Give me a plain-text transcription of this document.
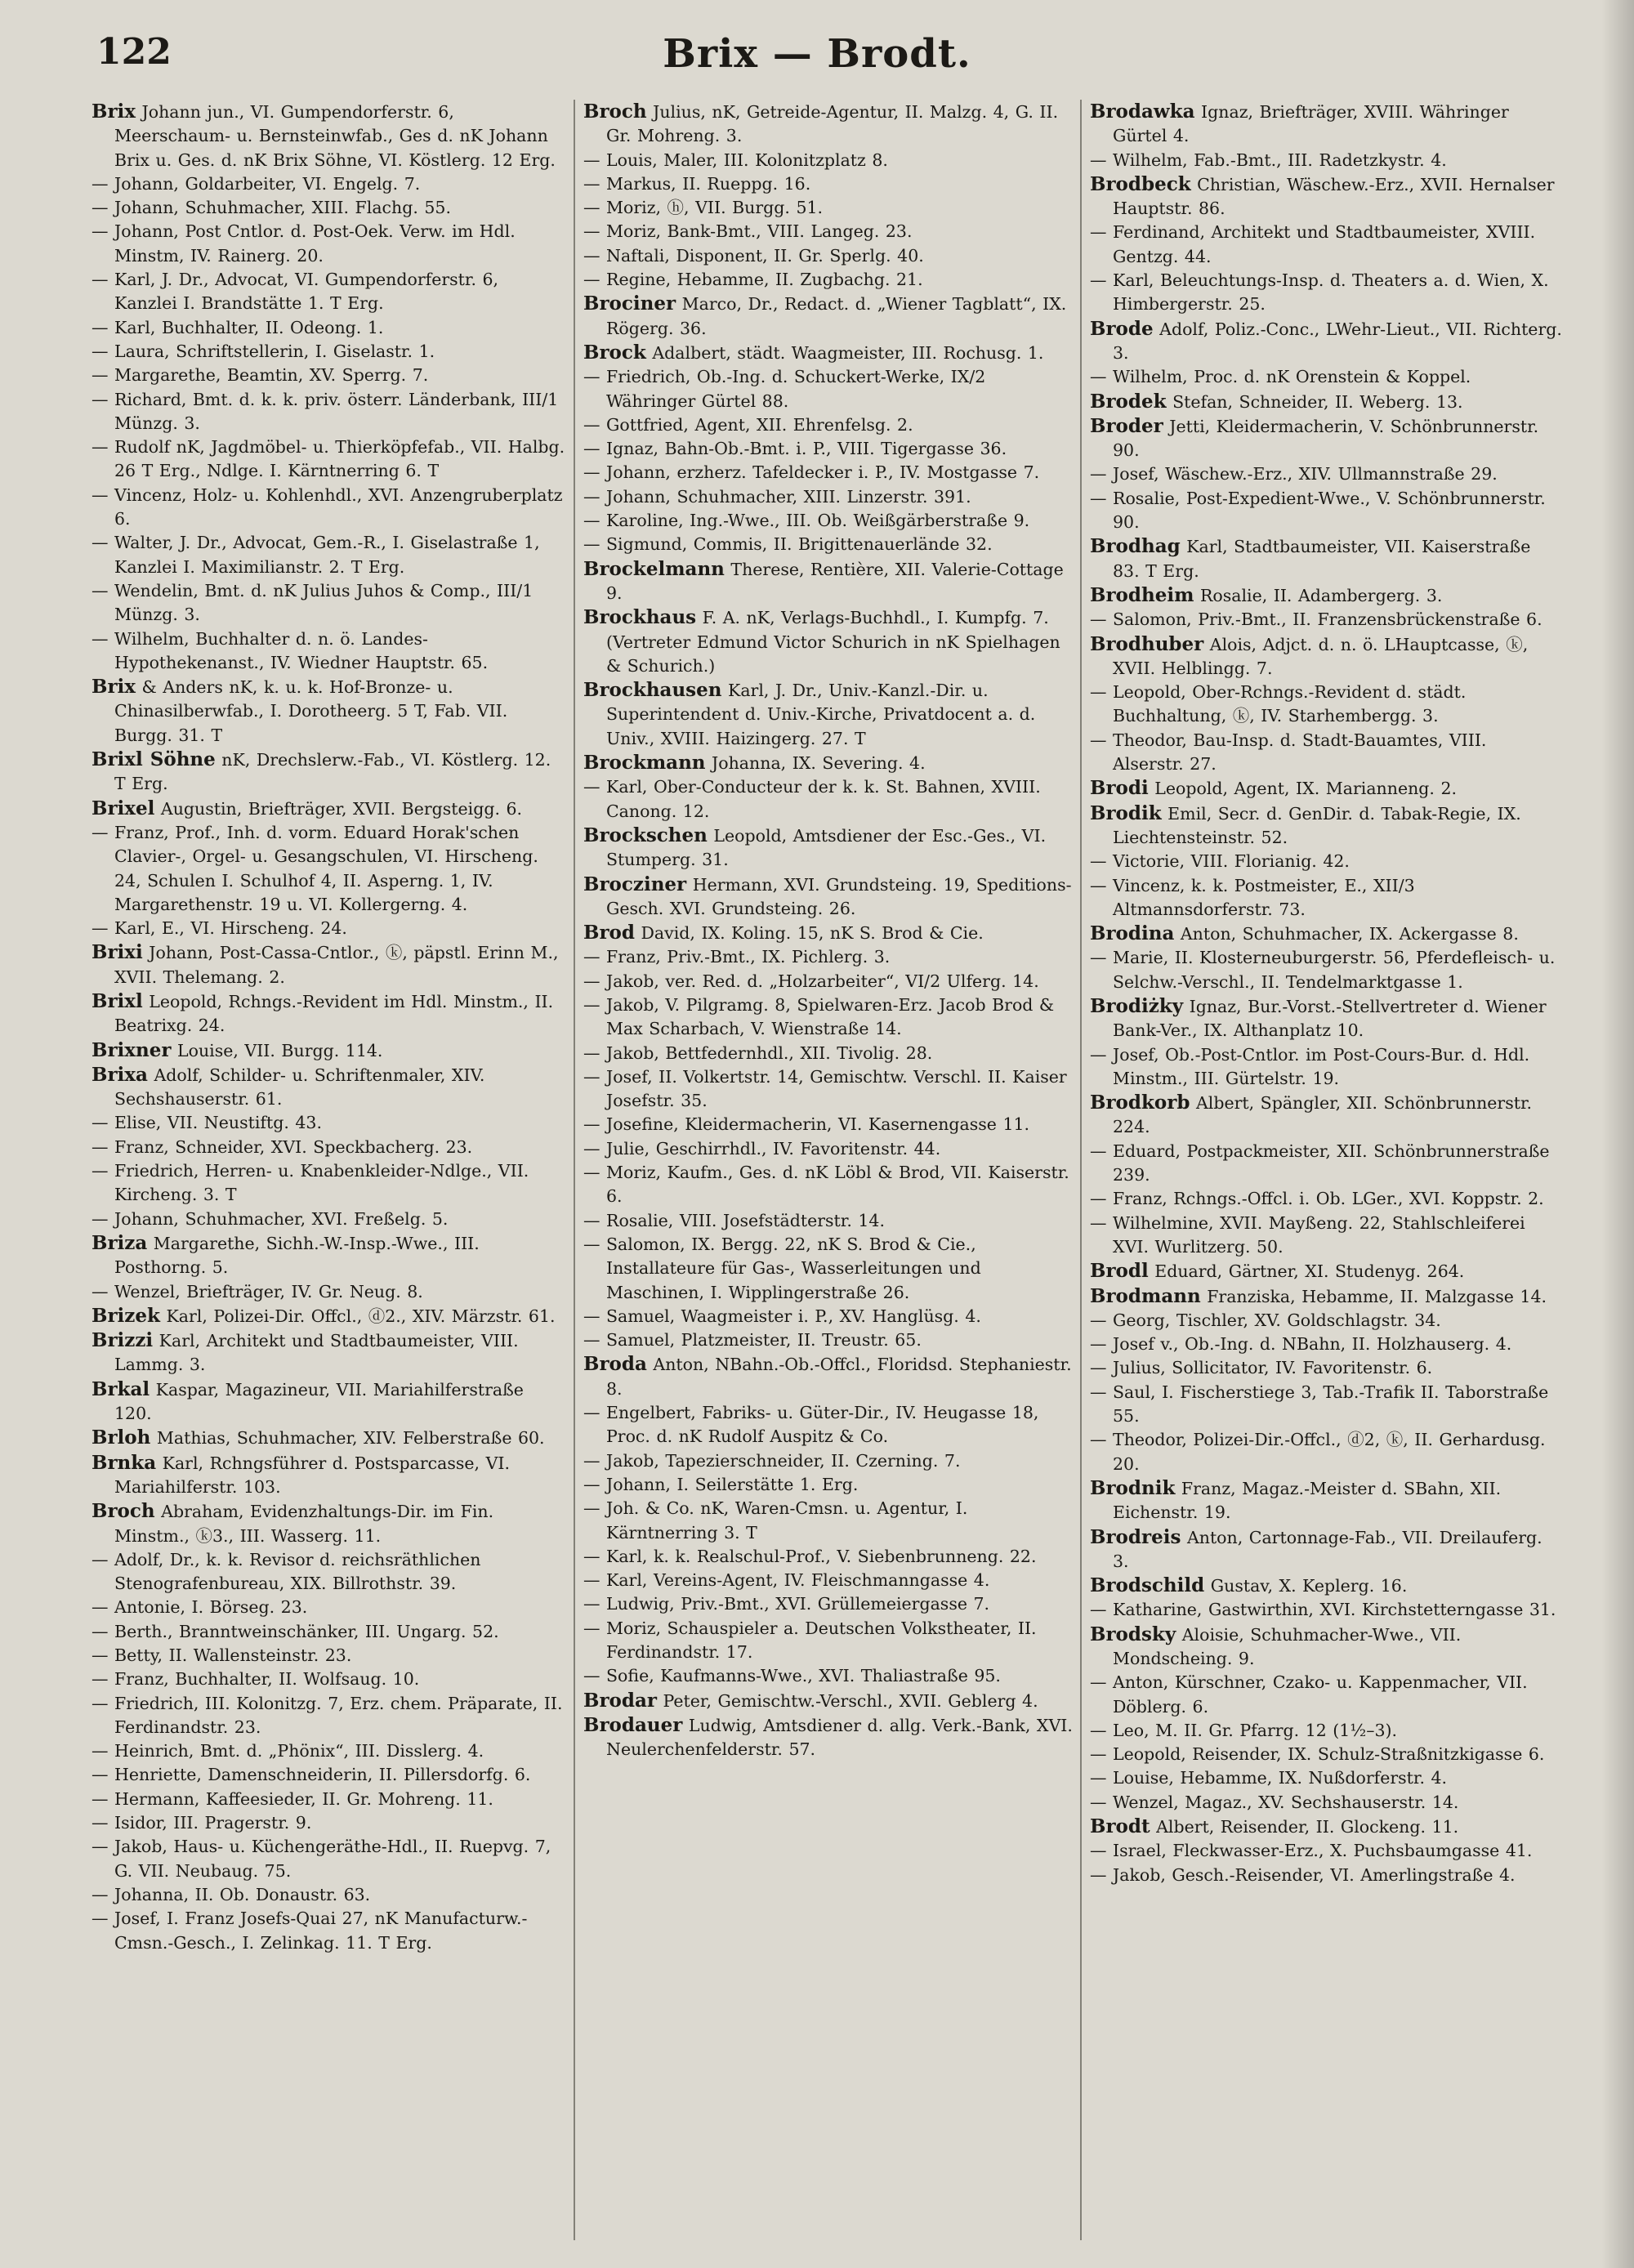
122	Brix — Brodt.

Brix Johann jun., VI. Gumpendorferstr. 6, Meerschaum- u. Bernsteinwfab., Ges d. nK Johann Brix u. Ges. d. nK Brix Söhne, VI. Köstlerg. 12 Erg.

— Johann, Goldarbeiter, VI. Engelg. 7.

— Johann, Schuhmacher, XIII. Flachg. 55.

— Johann, Post Cntlor. d. Post-Oek. Verw. im Hdl. Minstm, IV. Rainerg. 20.

— Karl, J. Dr., Advocat, VI. Gumpendorferstr. 6, Kanzlei I. Brandstätte 1. T Erg.

— Karl, Buchhalter, II. Odeong. 1.

— Laura, Schriftstellerin, I. Giselastr. 1.

— Margarethe, Beamtin, XV. Sperrg. 7.

— Richard, Bmt. d. k. k. priv. österr. Länderbank, III/1 Münzg. 3.

— Rudolf nK, Jagdmöbel- u. Thierköpfefab., VII. Halbg. 26 T Erg., Ndlge. I. Kärntnerring 6. T

— Vincenz, Holz- u. Kohlenhdl., XVI. Anzengruberplatz 6.

— Walter, J. Dr., Advocat, Gem.-R., I. Giselastraße 1, Kanzlei I. Maximilianstr. 2. T Erg.

— Wendelin, Bmt. d. nK Julius Juhos & Comp., III/1 Münzg. 3.

— Wilhelm, Buchhalter d. n. ö. Landes-Hypothekenanst., IV. Wiedner Hauptstr. 65.

Brix & Anders nK, k. u. k. Hof-Bronze- u. Chinasilberwfab., I. Dorotheerg. 5 T, Fab. VII. Burgg. 31. T

Brixl Söhne nK, Drechslerw.-Fab., VI. Köstlerg. 12. T Erg.

Brixel Augustin, Briefträger, XVII. Bergsteigg. 6.

— Franz, Prof., Inh. d. vorm. Eduard Horak'schen Clavier-, Orgel- u. Gesangschulen, VI. Hirscheng. 24, Schulen I. Schulhof 4, II. Asperng. 1, IV. Margarethenstr. 19 u. VI. Kollergerng. 4.

— Karl, E., VI. Hirscheng. 24.

Brixi Johann, Post-Cassa-Cntlor., ⓚ, päpstl. Erinn M., XVII. Thelemang. 2.

Brixl Leopold, Rchngs.-Revident im Hdl. Minstm., II. Beatrixg. 24.

Brixner Louise, VII. Burgg. 114.

Brixa Adolf, Schilder- u. Schriftenmaler, XIV. Sechshauserstr. 61.

— Elise, VII. Neustiftg. 43.

— Franz, Schneider, XVI. Speckbacherg. 23.

— Friedrich, Herren- u. Knabenkleider-Ndlge., VII. Kircheng. 3. T

— Johann, Schuhmacher, XVI. Freßelg. 5.

Briza Margarethe, Sichh.-W.-Insp.-Wwe., III. Posthorng. 5.

— Wenzel, Briefträger, IV. Gr. Neug. 8.

Brizek Karl, Polizei-Dir. Offcl., ⓓ2., XIV. Märzstr. 61.

Brizzi Karl, Architekt und Stadtbaumeister, VIII. Lammg. 3.

Brkal Kaspar, Magazineur, VII. Mariahilferstraße 120.

Brloh Mathias, Schuhmacher, XIV. Felberstraße 60.

Brnka Karl, Rchngsführer d. Postsparcasse, VI. Mariahilferstr. 103.

Broch Abraham, Evidenzhaltungs-Dir. im Fin. Minstm., ⓚ3., III. Wasserg. 11.

— Adolf, Dr., k. k. Revisor d. reichsräthlichen Stenografenbureau, XIX. Billrothstr. 39.

— Antonie, I. Börseg. 23.

— Berth., Branntweinschänker, III. Ungarg. 52.

— Betty, II. Wallensteinstr. 23.

— Franz, Buchhalter, II. Wolfsaug. 10.

— Friedrich, III. Kolonitzg. 7, Erz. chem. Präparate, II. Ferdinandstr. 23.

— Heinrich, Bmt. d. „Phönix“, III. Disslerg. 4.

— Henriette, Damenschneiderin, II. Pillersdorfg. 6.

— Hermann, Kaffeesieder, II. Gr. Mohreng. 11.

— Isidor, III. Pragerstr. 9.

— Jakob, Haus- u. Küchengeräthe-Hdl., II. Ruepvg. 7, G. VII. Neubaug. 75.

— Johanna, II. Ob. Donaustr. 63.

— Josef, I. Franz Josefs-Quai 27, nK Manufacturw.-Cmsn.-Gesch., I. Zelinkag. 11. T Erg.

Broch Julius, nK, Getreide-Agentur, II. Malzg. 4, G. II. Gr. Mohreng. 3.

— Louis, Maler, III. Kolonitzplatz 8.

— Markus, II. Rueppg. 16.

— Moriz, ⓗ, VII. Burgg. 51.

— Moriz, Bank-Bmt., VIII. Langeg. 23.

— Naftali, Disponent, II. Gr. Sperlg. 40.

— Regine, Hebamme, II. Zugbachg. 21.

Brociner Marco, Dr., Redact. d. „Wiener Tagblatt“, IX. Rögerg. 36.

Brock Adalbert, städt. Waagmeister, III. Rochusg. 1.

— Friedrich, Ob.-Ing. d. Schuckert-Werke, IX/2 Währinger Gürtel 88.

— Gottfried, Agent, XII. Ehrenfelsg. 2.

— Ignaz, Bahn-Ob.-Bmt. i. P., VIII. Tigergasse 36.

— Johann, erzherz. Tafeldecker i. P., IV. Mostgasse 7.

— Johann, Schuhmacher, XIII. Linzerstr. 391.

— Karoline, Ing.-Wwe., III. Ob. Weißgärberstraße 9.

— Sigmund, Commis, II. Brigittenauerlände 32.

Brockelmann Therese, Rentière, XII. Valerie-Cottage 9.

Brockhaus F. A. nK, Verlags-Buchhdl., I. Kumpfg. 7. (Vertreter Edmund Victor Schurich in nK Spielhagen & Schurich.)

Brockhausen Karl, J. Dr., Univ.-Kanzl.-Dir. u. Superintendent d. Univ.-Kirche, Privatdocent a. d. Univ., XVIII. Haizingerg. 27. T

Brockmann Johanna, IX. Severing. 4.

— Karl, Ober-Conducteur der k. k. St. Bahnen, XVIII. Canong. 12.

Brockschen Leopold, Amtsdiener der Esc.-Ges., VI. Stumperg. 31.

Brocziner Hermann, XVI. Grundsteing. 19, Speditions-Gesch. XVI. Grundsteing. 26.

Brod David, IX. Koling. 15, nK S. Brod & Cie.

— Franz, Priv.-Bmt., IX. Pichlerg. 3.

— Jakob, ver. Red. d. „Holzarbeiter“, VI/2 Ulferg. 14.

— Jakob, V. Pilgramg. 8, Spielwaren-Erz. Jacob Brod & Max Scharbach, V. Wienstraße 14.

— Jakob, Bettfedernhdl., XII. Tivolig. 28.

— Josef, II. Volkertstr. 14, Gemischtw. Verschl. II. Kaiser Josefstr. 35.

— Josefine, Kleidermacherin, VI. Kasernengasse 11.

— Julie, Geschirrhdl., IV. Favoritenstr. 44.

— Moriz, Kaufm., Ges. d. nK Löbl & Brod, VII. Kaiserstr. 6.

— Rosalie, VIII. Josefstädterstr. 14.

— Salomon, IX. Bergg. 22, nK S. Brod & Cie., Installateure für Gas-, Wasserleitungen und Maschinen, I. Wipplingerstraße 26.

— Samuel, Waagmeister i. P., XV. Hanglüsg. 4.

— Samuel, Platzmeister, II. Treustr. 65.

Broda Anton, NBahn.-Ob.-Offcl., Floridsd. Stephaniestr. 8.

— Engelbert, Fabriks- u. Güter-Dir., IV. Heugasse 18, Proc. d. nK Rudolf Auspitz & Co.

— Jakob, Tapezierschneider, II. Czerning. 7.

— Johann, I. Seilerstätte 1. Erg.

— Joh. & Co. nK, Waren-Cmsn. u. Agentur, I. Kärntnerring 3. T

— Karl, k. k. Realschul-Prof., V. Siebenbrunneng. 22.

— Karl, Vereins-Agent, IV. Fleischmanngasse 4.

— Ludwig, Priv.-Bmt., XVI. Grüllemeiergasse 7.

— Moriz, Schauspieler a. Deutschen Volkstheater, II. Ferdinandstr. 17.

— Sofie, Kaufmanns-Wwe., XVI. Thaliastraße 95.

Brodar Peter, Gemischtw.-Verschl., XVII. Geblerg 4.

Brodauer Ludwig, Amtsdiener d. allg. Verk.-Bank, XVI. Neulerchenfelderstr. 57.

Brodawka Ignaz, Briefträger, XVIII. Währinger Gürtel 4.

— Wilhelm, Fab.-Bmt., III. Radetzkystr. 4.

Brodbeck Christian, Wäschew.-Erz., XVII. Hernalser Hauptstr. 86.

— Ferdinand, Architekt und Stadtbaumeister, XVIII. Gentzg. 44.

— Karl, Beleuchtungs-Insp. d. Theaters a. d. Wien, X. Himbergerstr. 25.

Brode Adolf, Poliz.-Conc., LWehr-Lieut., VII. Richterg. 3.

— Wilhelm, Proc. d. nK Orenstein & Koppel.

Brodek Stefan, Schneider, II. Weberg. 13.

Broder Jetti, Kleidermacherin, V. Schönbrunnerstr. 90.

— Josef, Wäschew.-Erz., XIV. Ullmannstraße 29.

— Rosalie, Post-Expedient-Wwe., V. Schönbrunnerstr. 90.

Brodhag Karl, Stadtbaumeister, VII. Kaiserstraße 83. T Erg.

Brodheim Rosalie, II. Adambergerg. 3.

— Salomon, Priv.-Bmt., II. Franzensbrückenstraße 6.

Brodhuber Alois, Adjct. d. n. ö. LHauptcasse, ⓚ, XVII. Helblingg. 7.

— Leopold, Ober-Rchngs.-Revident d. städt. Buchhaltung, ⓚ, IV. Starhembergg. 3.

— Theodor, Bau-Insp. d. Stadt-Bauamtes, VIII. Alserstr. 27.

Brodi Leopold, Agent, IX. Marianneng. 2.

Brodik Emil, Secr. d. GenDir. d. Tabak-Regie, IX. Liechtensteinstr. 52.

— Victorie, VIII. Florianig. 42.

— Vincenz, k. k. Postmeister, E., XII/3 Altmannsdorferstr. 73.

Brodina Anton, Schuhmacher, IX. Ackergasse 8.

— Marie, II. Klosterneuburgerstr. 56, Pferdefleisch- u. Selchw.-Verschl., II. Tendelmarktgasse 1.

Brodiżky Ignaz, Bur.-Vorst.-Stellvertreter d. Wiener Bank-Ver., IX. Althanplatz 10.

— Josef, Ob.-Post-Cntlor. im Post-Cours-Bur. d. Hdl. Minstm., III. Gürtelstr. 19.

Brodkorb Albert, Spängler, XII. Schönbrunnerstr. 224.

— Eduard, Postpackmeister, XII. Schönbrunnerstraße 239.

— Franz, Rchngs.-Offcl. i. Ob. LGer., XVI. Koppstr. 2.

— Wilhelmine, XVII. Mayßeng. 22, Stahlschleiferei XVI. Wurlitzerg. 50.

Brodl Eduard, Gärtner, XI. Studenyg. 264.

Brodmann Franziska, Hebamme, II. Malzgasse 14.

— Georg, Tischler, XV. Goldschlagstr. 34.

— Josef v., Ob.-Ing. d. NBahn, II. Holzhauserg. 4.

— Julius, Sollicitator, IV. Favoritenstr. 6.

— Saul, I. Fischerstiege 3, Tab.-Trafik II. Taborstraße 55.

— Theodor, Polizei-Dir.-Offcl., ⓓ2, ⓚ, II. Gerhardusg. 20.

Brodnik Franz, Magaz.-Meister d. SBahn, XII. Eichenstr. 19.

Brodreis Anton, Cartonnage-Fab., VII. Dreilauferg. 3.

Brodschild Gustav, X. Keplerg. 16.

— Katharine, Gastwirthin, XVI. Kirchstetterngasse 31.

Brodsky Aloisie, Schuhmacher-Wwe., VII. Mondscheing. 9.

— Anton, Kürschner, Czako- u. Kappenmacher, VII. Döblerg. 6.

— Leo, M. II. Gr. Pfarrg. 12 (1½–3).

— Leopold, Reisender, IX. Schulz-Straßnitzkigasse 6.

— Louise, Hebamme, IX. Nußdorferstr. 4.

— Wenzel, Magaz., XV. Sechshauserstr. 14.

Brodt Albert, Reisender, II. Glockeng. 11.

— Israel, Fleckwasser-Erz., X. Puchsbaumgasse 41.

— Jakob, Gesch.-Reisender, VI. Amerlingstraße 4.
